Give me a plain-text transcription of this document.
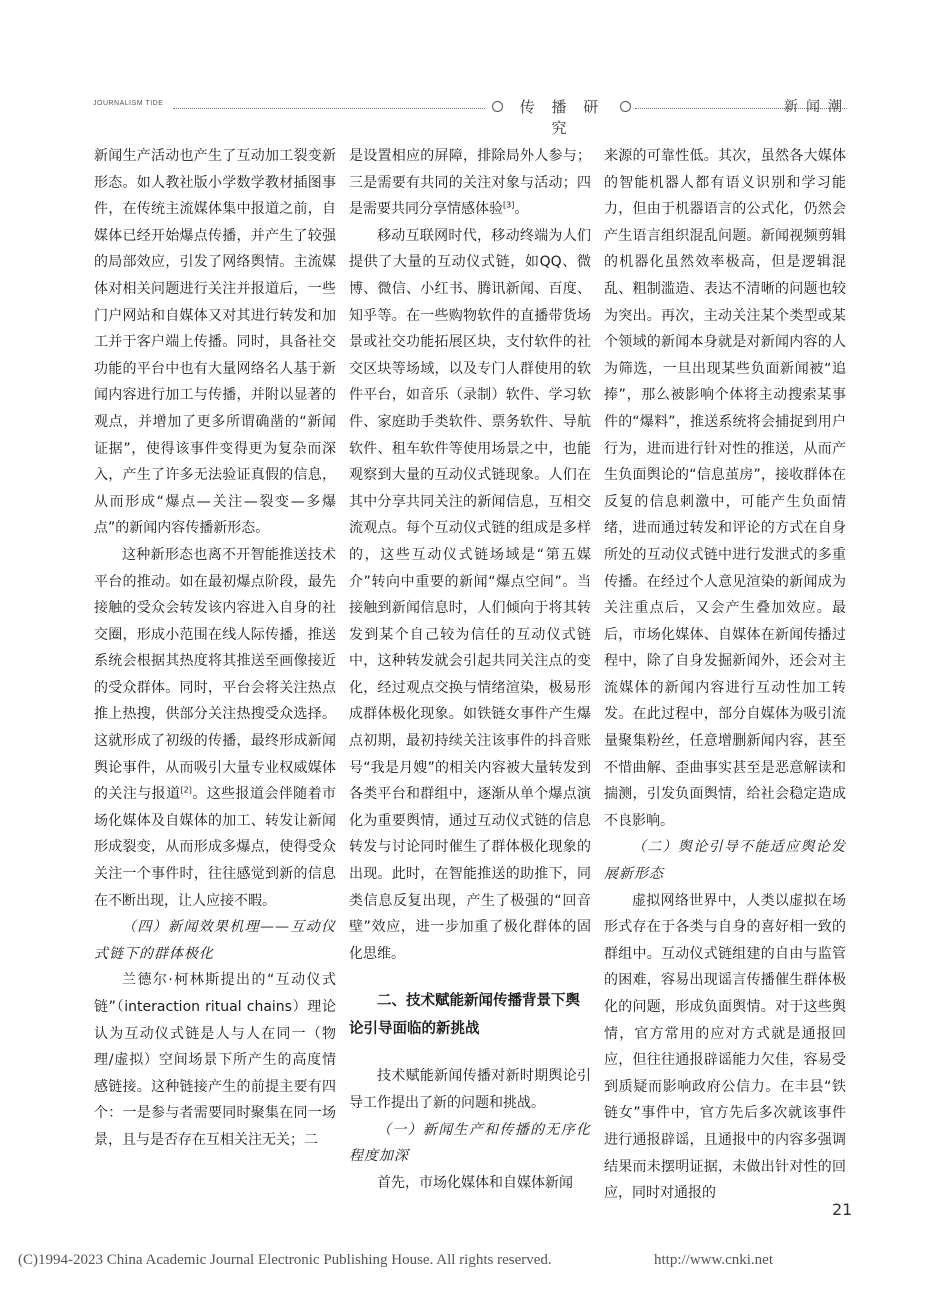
JOURNALISM TIDE	传 播 研 究
新闻潮

新闻生产活动也产生了互动加工裂变新形态。如人教社版小学数学教材插图事件，在传统主流媒体集中报道之前，自媒体已经开始爆点传播，并产生了较强的局部效应，引发了网络舆情。主流媒体对相关问题进行关注并报道后，一些门户网站和自媒体又对其进行转发和加工并于客户端上传播。同时，具备社交功能的平台中也有大量网络名人基于新闻内容进行加工与传播，并附以显著的观点，并增加了更多所谓确凿的“新闻证据”，使得该事件变得更为复杂而深入，产生了许多无法验证真假的信息，从而形成“爆点—关注—裂变—多爆点”的新闻内容传播新形态。

这种新形态也离不开智能推送技术平台的推动。如在最初爆点阶段，最先接触的受众会转发该内容进入自身的社交圈，形成小范围在线人际传播，推送系统会根据其热度将其推送至画像接近的受众群体。同时，平台会将关注热点推上热搜，供部分关注热搜受众选择。这就形成了初级的传播，最终形成新闻舆论事件，从而吸引大量专业权威媒体的关注与报道[2]。这些报道会伴随着市场化媒体及自媒体的加工、转发让新闻形成裂变，从而形成多爆点，使得受众关注一个事件时，往往感觉到新的信息在不断出现，让人应接不暇。

（四）新闻效果机理——互动仪式链下的群体极化

兰德尔·柯林斯提出的“互动仪式链”（interaction ritual chains）理论认为互动仪式链是人与人在同一（物理/虚拟）空间场景下所产生的高度情感链接。这种链接产生的前提主要有四个：一是参与者需要同时聚集在同一场景，且与是否存在互相关注无关；二

是设置相应的屏障，排除局外人参与；三是需要有共同的关注对象与活动；四是需要共同分享情感体验[3]。

移动互联网时代，移动终端为人们提供了大量的互动仪式链，如QQ、微博、微信、小红书、腾讯新闻、百度、知乎等。在一些购物软件的直播带货场景或社交功能拓展区块，支付软件的社交区块等场域，以及专门人群使用的软件平台，如音乐（录制）软件、学习软件、家庭助手类软件、票务软件、导航软件、租车软件等使用场景之中，也能观察到大量的互动仪式链现象。人们在其中分享共同关注的新闻信息，互相交流观点。每个互动仪式链的组成是多样的，这些互动仪式链场域是“第五媒介”转向中重要的新闻“爆点空间”。当接触到新闻信息时，人们倾向于将其转发到某个自己较为信任的互动仪式链中，这种转发就会引起共同关注点的变化，经过观点交换与情绪渲染，极易形成群体极化现象。如铁链女事件产生爆点初期，最初持续关注该事件的抖音账号“我是月嫂”的相关内容被大量转发到各类平台和群组中，逐渐从单个爆点演化为重要舆情，通过互动仪式链的信息转发与讨论同时催生了群体极化现象的出现。此时，在智能推送的助推下，同类信息反复出现，产生了极强的“回音壁”效应，进一步加重了极化群体的固化思维。

二、技术赋能新闻传播背景下舆论引导面临的新挑战

技术赋能新闻传播对新时期舆论引导工作提出了新的问题和挑战。

（一）新闻生产和传播的无序化程度加深

首先，市场化媒体和自媒体新闻

来源的可靠性低。其次，虽然各大媒体的智能机器人都有语义识别和学习能力，但由于机器语言的公式化，仍然会产生语言组织混乱问题。新闻视频剪辑的机器化虽然效率极高，但是逻辑混乱、粗制滥造、表达不清晰的问题也较为突出。再次，主动关注某个类型或某个领域的新闻本身就是对新闻内容的人为筛选，一旦出现某些负面新闻被“追捧”，那么被影响个体将主动搜索某事件的“爆料”，推送系统将会捕捉到用户行为，进而进行针对性的推送，从而产生负面舆论的“信息茧房”，接收群体在反复的信息刺激中，可能产生负面情绪，进而通过转发和评论的方式在自身所处的互动仪式链中进行发泄式的多重传播。在经过个人意见渲染的新闻成为关注重点后，又会产生叠加效应。最后，市场化媒体、自媒体在新闻传播过程中，除了自身发掘新闻外，还会对主流媒体的新闻内容进行互动性加工转发。在此过程中，部分自媒体为吸引流量聚集粉丝，任意增删新闻内容，甚至不惜曲解、歪曲事实甚至是恶意解读和揣测，引发负面舆情，给社会稳定造成不良影响。

（二）舆论引导不能适应舆论发展新形态

虚拟网络世界中，人类以虚拟在场形式存在于各类与自身的喜好相一致的群组中。互动仪式链组建的自由与监管的困难，容易出现谣言传播催生群体极化的问题，形成负面舆情。对于这些舆情，官方常用的应对方式就是通报回应，但往往通报辟谣能力欠佳，容易受到质疑而影响政府公信力。在丰县“铁链女”事件中，官方先后多次就该事件进行通报辟谣，且通报中的内容多强调结果而未摆明证据，未做出针对性的回应，同时对通报的

21
(C)1994-2023 China Academic Journal Electronic Publishing House. All rights reserved.	http://www.cnki.net
